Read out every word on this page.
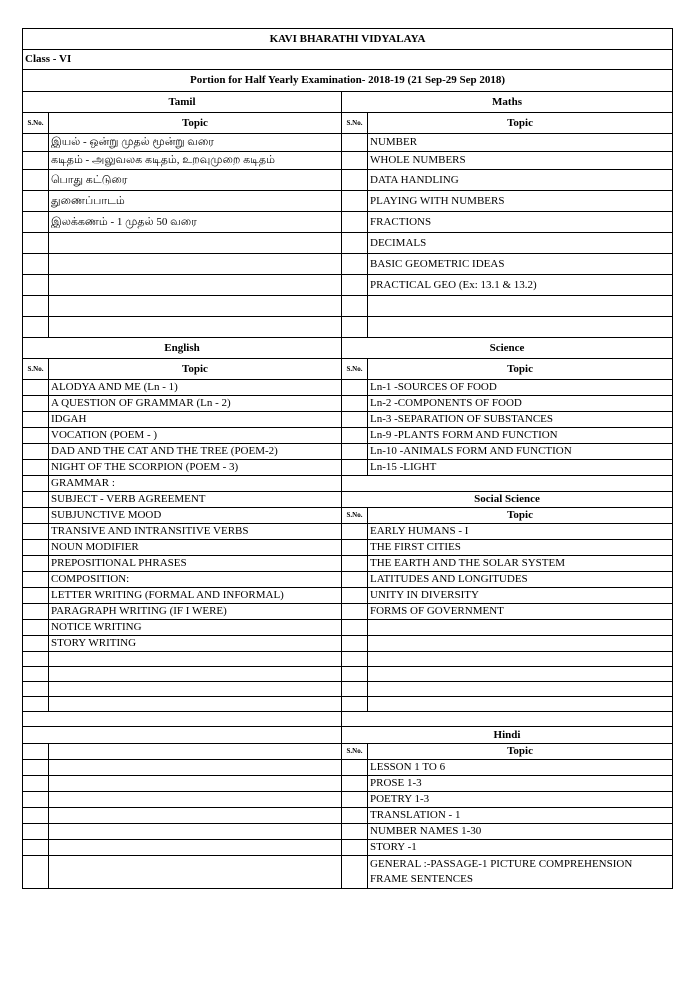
KAVI BHARATHI VIDYALAYA			
Class - VI			
Portion for Half Yearly Examination- 2018-19 (21 Sep-29 Sep 2018)			
Tamil		Maths	
S.No.	Topic	S.No.	Topic
	இயல் - ஒன்று முதல் மூன்று வரை		NUMBER
	கடிதம் - அலுவலக கடிதம், உறவுமுறை கடிதம்		WHOLE NUMBERS
	பொது கட்டுரை		DATA HANDLING
	துணைப்பாடம்		PLAYING WITH NUMBERS
	இலக்கணம் - 1 முதல் 50 வரை		FRACTIONS
			DECIMALS
			BASIC GEOMETRIC IDEAS
			PRACTICAL GEO (Ex: 13.1 & 13.2)

English		Science	
S.No.	Topic	S.No.	Topic
	ALODYA AND ME (Ln - 1)		Ln-1 -SOURCES OF FOOD
	A QUESTION OF GRAMMAR (Ln - 2)		Ln-2 -COMPONENTS OF FOOD
	IDGAH		Ln-3 -SEPARATION OF SUBSTANCES
	VOCATION (POEM - )		Ln-9 -PLANTS FORM AND FUNCTION
	DAD AND THE CAT AND THE TREE (POEM-2)		Ln-10 -ANIMALS FORM AND FUNCTION
	NIGHT OF THE SCORPION (POEM - 3)		Ln-15 -LIGHT
	GRAMMAR :		
	SUBJECT - VERB AGREEMENT	Social Science	
	SUBJUNCTIVE MOOD	S.No.	Topic
	TRANSIVE AND INTRANSITIVE VERBS		EARLY HUMANS - I
	NOUN MODIFIER		THE FIRST CITIES
	PREPOSITIONAL PHRASES		THE EARTH AND THE SOLAR SYSTEM
	COMPOSITION:		LATITUDES AND LONGITUDES
	LETTER WRITING (FORMAL AND INFORMAL)		UNITY IN DIVERSITY
	PARAGRAPH WRITING (IF I WERE)		FORMS OF GOVERNMENT
	NOTICE WRITING		
	STORY WRITING		

		Hindi	
		S.No.	Topic
			LESSON 1 TO 6
			PROSE 1-3
			POETRY 1-3
			TRANSLATION - 1
			NUMBER NAMES 1-30
			STORY -1
			GENERAL :-PASSAGE-1 PICTURE COMPREHENSION FRAME SENTENCES
